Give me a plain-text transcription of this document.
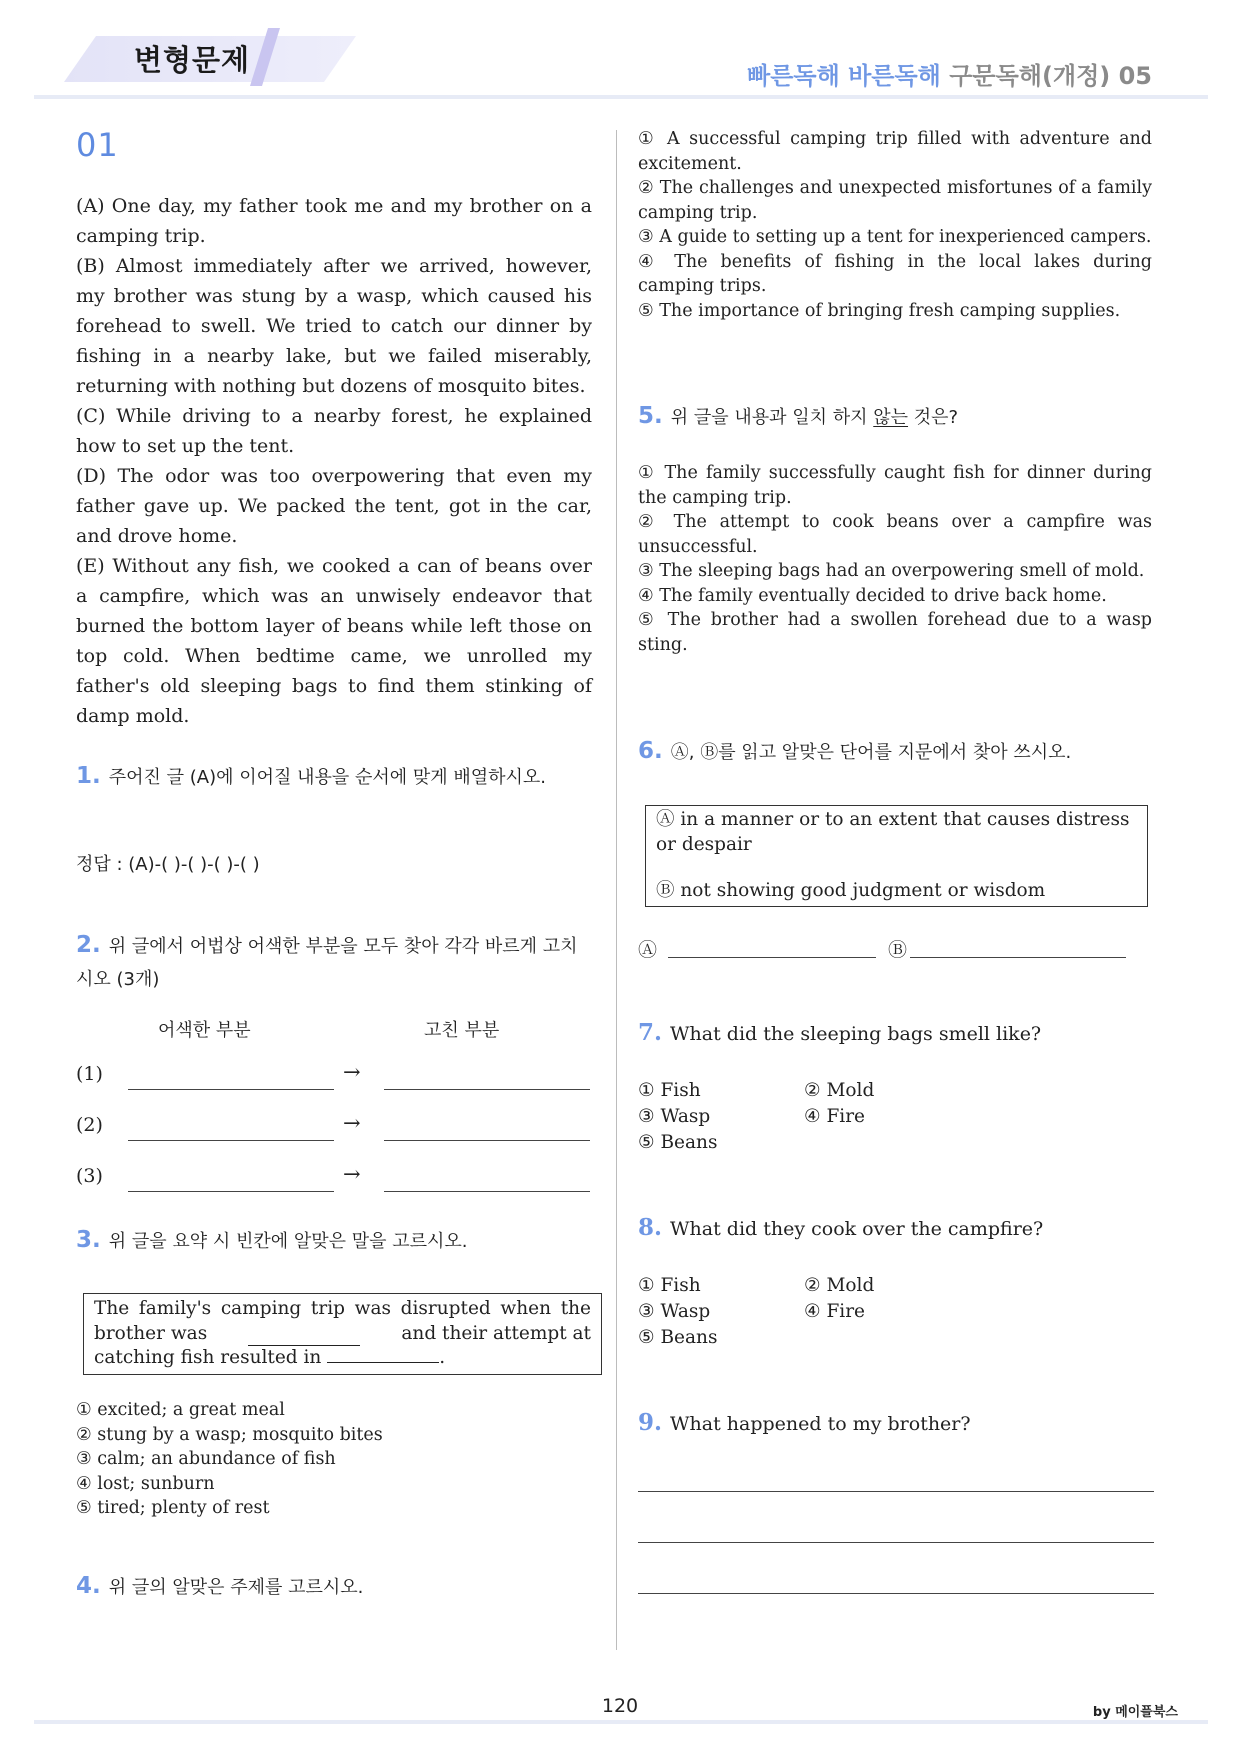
변형문제	빠른독해 바른독해 구문독해(개정) 05
01

(A) One day, my father took me and my brother on a camping trip.

(B) Almost immediately after we arrived, however, my brother was stung by a wasp, which caused his forehead to swell. We tried to catch our dinner by fishing in a nearby lake, but we failed miserably, returning with nothing but dozens of mosquito bites.

(C) While driving to a nearby forest, he explained how to set up the tent.

(D) The odor was too overpowering that even my father gave up. We packed the tent, got in the car, and drove home.

(E) Without any fish, we cooked a can of beans over a campfire, which was an unwisely endeavor that burned the bottom layer of beans while left those on top cold. When bedtime came, we unrolled my father's old sleeping bags to find them stinking of damp mold.

1. 주어진 글 (A)에 이어질 내용을 순서에 맞게 배열하시오.
정답 : (A)-( )-( )-( )-( )
2. 위 글에서 어법상 어색한 부분을 모두 찾아 각각 바르게 고치시오 (3개)
어색한 부분	고친 부분
(1)	→
(2)	→
(3)	→
3. 위 글을 요약 시 빈칸에 알맞은 말을 고르시오.
The family's camping trip was disrupted when the
brother was	and their attempt at
catching fish resulted in	.
① excited; a great meal
② stung by a wasp; mosquito bites
③ calm; an abundance of fish
④ lost; sunburn
⑤ tired; plenty of rest
4. 위 글의 알맞은 주제를 고르시오.
① A successful camping trip filled with adventure and excitement.
② The challenges and unexpected misfortunes of a family camping trip.
③ A guide to setting up a tent for inexperienced campers.
④ The benefits of fishing in the local lakes during camping trips.
⑤ The importance of bringing fresh camping supplies.
5. 위 글을 내용과 일치 하지 않는 것은?
① The family successfully caught fish for dinner during the camping trip.
② The attempt to cook beans over a campfire was unsuccessful.
③ The sleeping bags had an overpowering smell of mold.
④ The family eventually decided to drive back home.
⑤ The brother had a swollen forehead due to a wasp sting.
6. Ⓐ, Ⓑ를 읽고 알맞은 단어를 지문에서 찾아 쓰시오.
Ⓐ in a manner or to an extent that causes distress or despair
Ⓑ not showing good judgment or wisdom
Ⓐ	Ⓑ
7. What did the sleeping bags smell like?
① Fish	② Mold
③ Wasp	④ Fire
⑤ Beans
8. What did they cook over the campfire?
① Fish	② Mold
③ Wasp	④ Fire
⑤ Beans
9. What happened to my brother?
120	by 메이플북스
